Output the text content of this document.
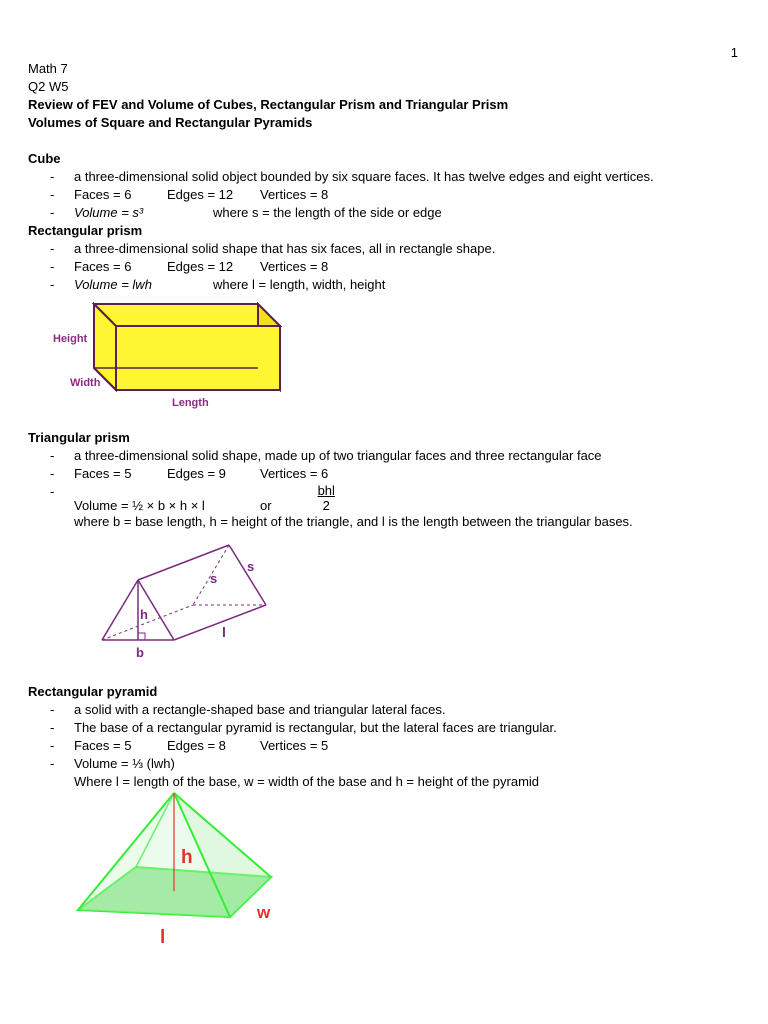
1
Math 7
Q2 W5
Review of FEV and Volume of Cubes, Rectangular Prism and Triangular Prism
Volumes of Square and Rectangular Pyramids
Cube
- a three-dimensional solid object bounded by six square faces. It has twelve edges and eight vertices.
- Faces = 6	Edges = 12 Vertices = 8
- Volume = s³	where s = the length of the side or edge
Rectangular prism
- a three-dimensional solid shape that has six faces, all in rectangle shape.
- Faces = 6	Edges = 12 Vertices = 8
- Volume = lwh	where l = length, width, height
Height
Width
Length
Triangular prism
- a three-dimensional solid shape, made up of two triangular faces and three rectangular face
- Faces = 5	Edges = 9	Vertices = 6
-
Volume = ½ × b × h × l	or	$\frac{\text{bhl}}{2}$
where b = base length, h = height of the triangle, and l is the length between the triangular bases.
h
b
s
s
l
Rectangular pyramid
- a solid with a rectangle-shaped base and triangular lateral faces.
- The base of a rectangular pyramid is rectangular, but the lateral faces are triangular.
- Faces = 5	Edges = 8	Vertices = 5
- Volume = ⅓ (lwh)
Where l = length of the base, w = width of the base and h = height of the pyramid
h
w
l
